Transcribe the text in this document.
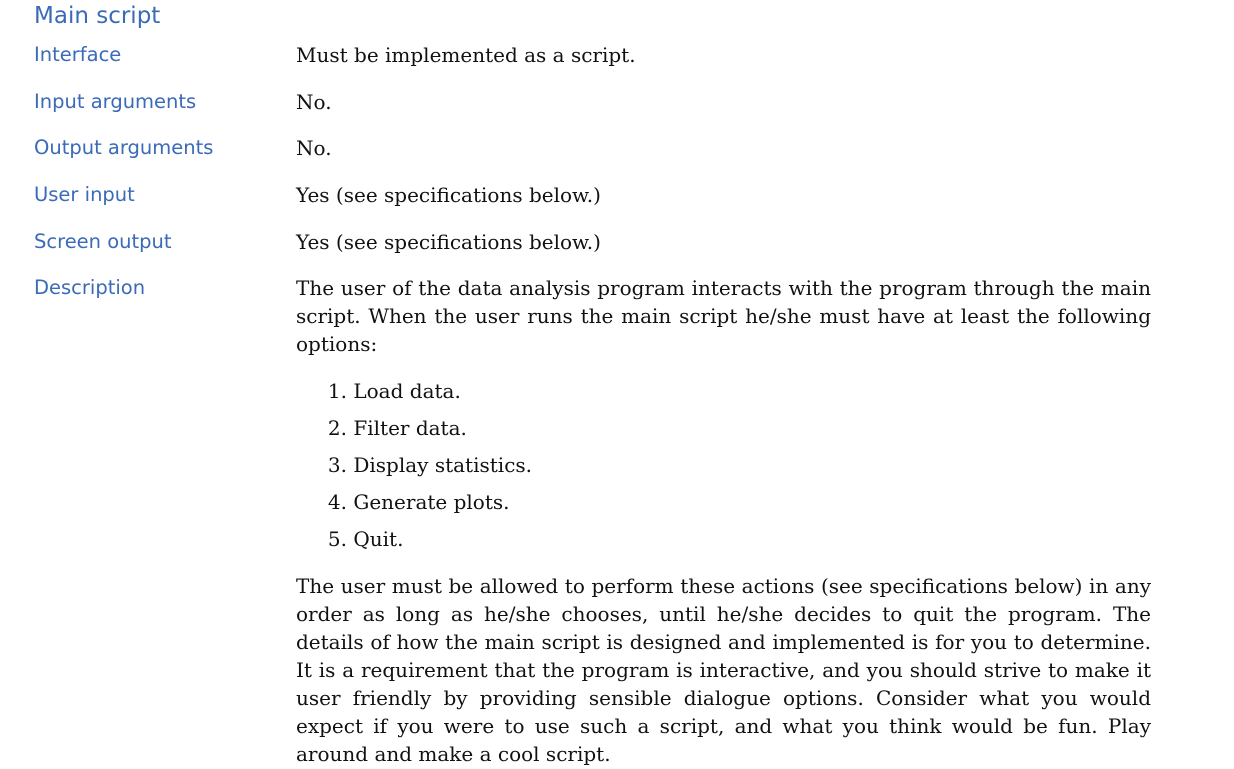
Main script
Interface	Must be implemented as a script.
Input arguments	No.
Output arguments	No.
User input	Yes (see specifications below.)
Screen output	Yes (see specifications below.)
Description	The user of the data analysis program interacts with the program through the main script. When the user runs the main script he/she must have at least the following options:
1. Load data.
2. Filter data.
3. Display statistics.
4. Generate plots.
5. Quit.
The user must be allowed to perform these actions (see specifications below) in any order as long as he/she chooses, until he/she decides to quit the program. The details of how the main script is designed and implemented is for you to determine. It is a requirement that the program is interactive, and you should strive to make it user friendly by providing sensible dialogue options. Consider what you would expect if you were to use such a script, and what you think would be fun. Play around and make a cool script.
